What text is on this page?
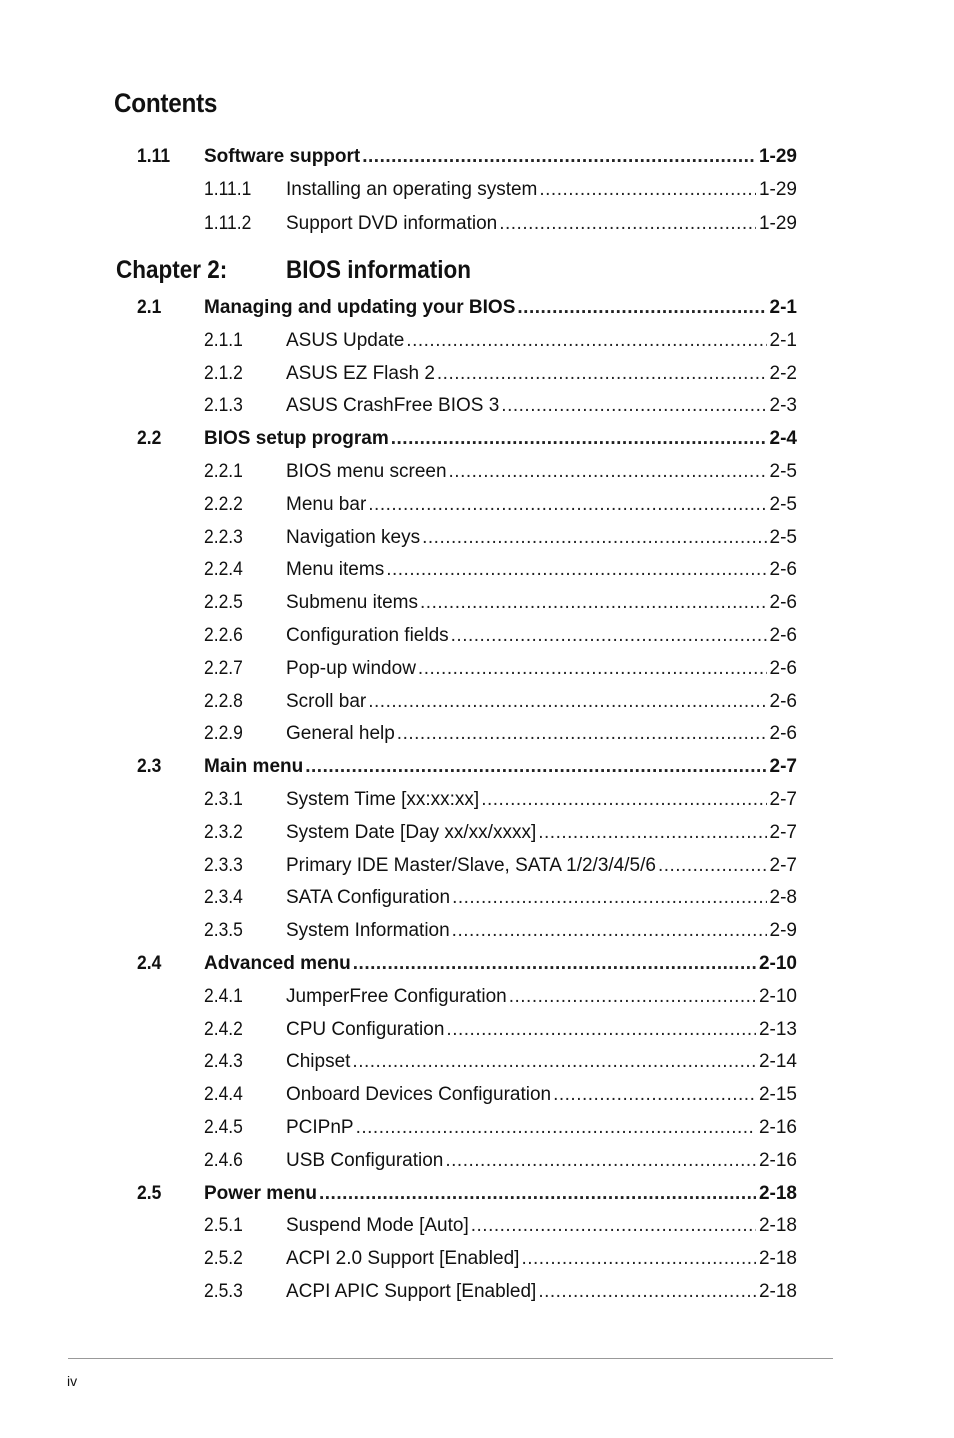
Contents
1.11 Software support .....	1-29
1.11.1 Installing an operating system .....	1-29
1.11.2 Support DVD information .....	1-29
Chapter 2: BIOS information
2.1 Managing and updating your BIOS .....	2-1
2.1.1 ASUS Update .....	2-1
2.1.2 ASUS EZ Flash 2 .....	2-2
2.1.3 ASUS CrashFree BIOS 3 .....	2-3
2.2 BIOS setup program .....	2-4
2.2.1 BIOS menu screen .....	2-5
2.2.2 Menu bar .....	2-5
2.2.3 Navigation keys .....	2-5
2.2.4 Menu items .....	2-6
2.2.5 Submenu items .....	2-6
2.2.6 Configuration fields .....	2-6
2.2.7 Pop-up window .....	2-6
2.2.8 Scroll bar .....	2-6
2.2.9 General help .....	2-6
2.3 Main menu .....	2-7
2.3.1 System Time [xx:xx:xx] .....	2-7
2.3.2 System Date [Day xx/xx/xxxx] .....	2-7
2.3.3 Primary IDE Master/Slave, SATA 1/2/3/4/5/6 .....	2-7
2.3.4 SATA Configuration .....	2-8
2.3.5 System Information .....	2-9
2.4 Advanced menu .....	2-10
2.4.1 JumperFree Configuration .....	2-10
2.4.2 CPU Configuration .....	2-13
2.4.3 Chipset .....	2-14
2.4.4 Onboard Devices Configuration .....	2-15
2.4.5 PCIPnP .....	2-16
2.4.6 USB Configuration .....	2-16
2.5 Power menu .....	2-18
2.5.1 Suspend Mode [Auto] .....	2-18
2.5.2 ACPI 2.0 Support [Enabled] .....	2-18
2.5.3 ACPI APIC Support [Enabled] .....	2-18
iv
